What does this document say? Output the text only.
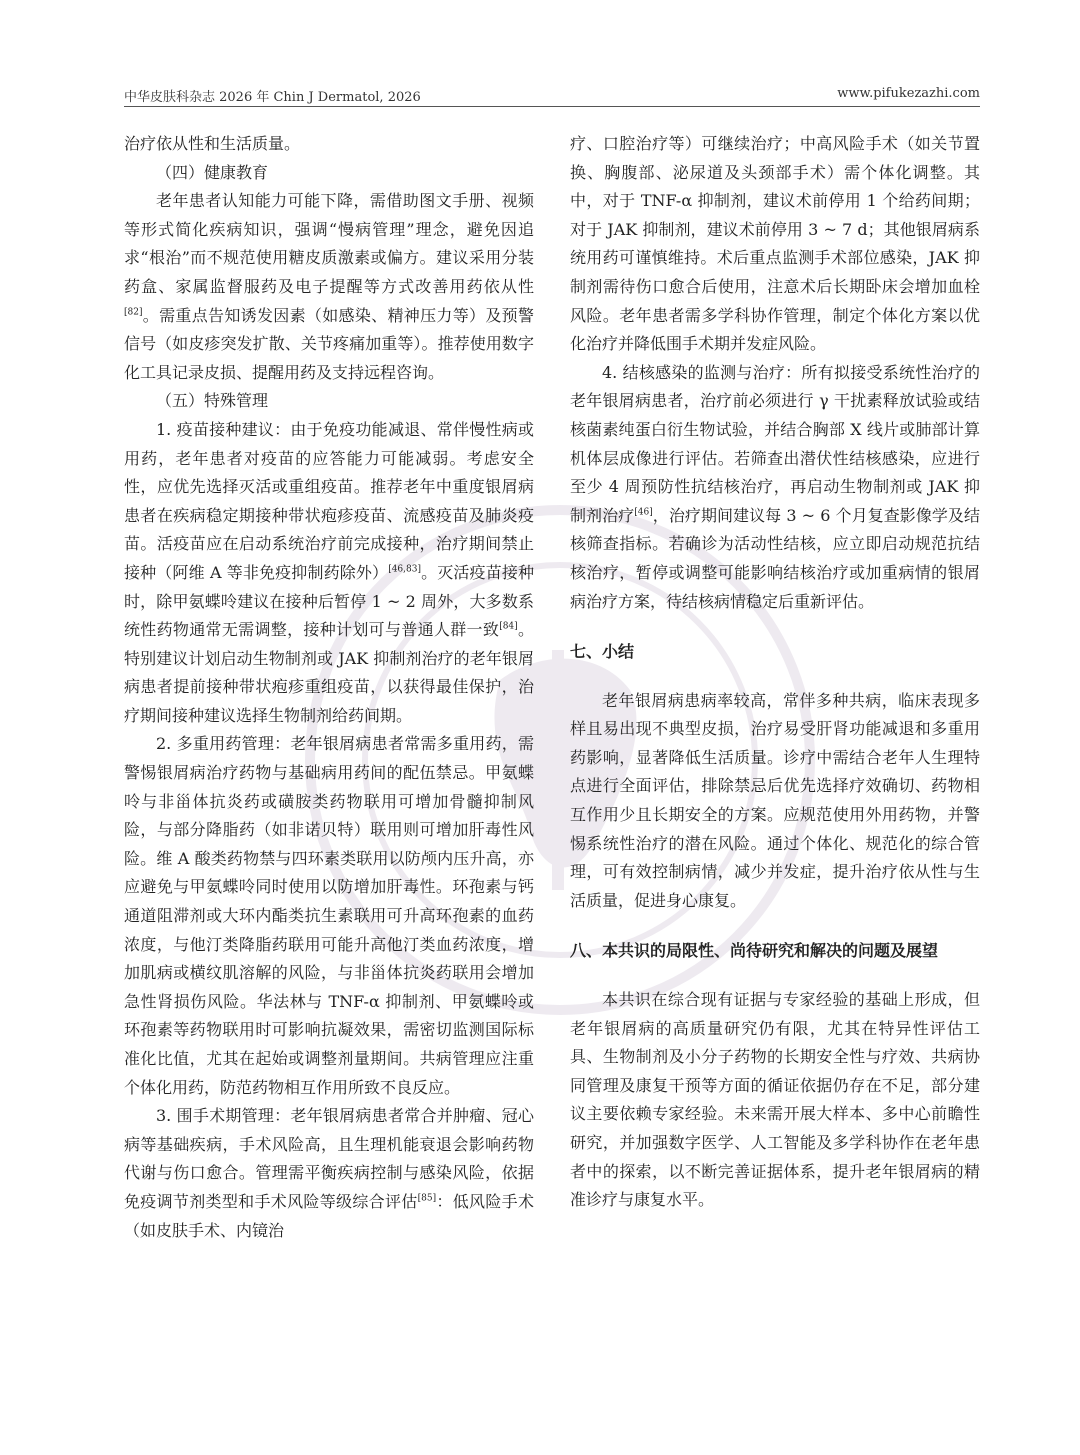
中华皮肤科杂志 2026 年 Chin J Dermatol, 2026	www.pifukezazhi.com

治疗依从性和生活质量。

（四）健康教育

老年患者认知能力可能下降，需借助图文手册、视频等形式简化疾病知识，强调“慢病管理”理念，避免因追求“根治”而不规范使用糖皮质激素或偏方。建议采用分装药盒、家属监督服药及电子提醒等方式改善用药依从性[82]。需重点告知诱发因素（如感染、精神压力等）及预警信号（如皮疹突发扩散、关节疼痛加重等）。推荐使用数字化工具记录皮损、提醒用药及支持远程咨询。

（五）特殊管理

1. 疫苗接种建议：由于免疫功能减退、常伴慢性病或用药，老年患者对疫苗的应答能力可能减弱。考虑安全性，应优先选择灭活或重组疫苗。推荐老年中重度银屑病患者在疾病稳定期接种带状疱疹疫苗、流感疫苗及肺炎疫苗。活疫苗应在启动系统治疗前完成接种，治疗期间禁止接种（阿维 A 等非免疫抑制药除外）[46,83]。灭活疫苗接种时，除甲氨蝶呤建议在接种后暂停 1 ~ 2 周外，大多数系统性药物通常无需调整，接种计划可与普通人群一致[84]。特别建议计划启动生物制剂或 JAK 抑制剂治疗的老年银屑病患者提前接种带状疱疹重组疫苗，以获得最佳保护，治疗期间接种建议选择生物制剂给药间期。

2. 多重用药管理：老年银屑病患者常需多重用药，需警惕银屑病治疗药物与基础病用药间的配伍禁忌。甲氨蝶呤与非甾体抗炎药或磺胺类药物联用可增加骨髓抑制风险，与部分降脂药（如非诺贝特）联用则可增加肝毒性风险。维 A 酸类药物禁与四环素类联用以防颅内压升高，亦应避免与甲氨蝶呤同时使用以防增加肝毒性。环孢素与钙通道阻滞剂或大环内酯类抗生素联用可升高环孢素的血药浓度，与他汀类降脂药联用可能升高他汀类血药浓度，增加肌病或横纹肌溶解的风险，与非甾体抗炎药联用会增加急性肾损伤风险。华法林与 TNF-α 抑制剂、甲氨蝶呤或环孢素等药物联用时可影响抗凝效果，需密切监测国际标准化比值，尤其在起始或调整剂量期间。共病管理应注重个体化用药，防范药物相互作用所致不良反应。

3. 围手术期管理：老年银屑病患者常合并肿瘤、冠心病等基础疾病，手术风险高，且生理机能衰退会影响药物代谢与伤口愈合。管理需平衡疾病控制与感染风险，依据免疫调节剂类型和手术风险等级综合评估[85]：低风险手术（如皮肤手术、内镜治

疗、口腔治疗等）可继续治疗；中高风险手术（如关节置换、胸腹部、泌尿道及头颈部手术）需个体化调整。其中，对于 TNF-α 抑制剂，建议术前停用 1 个给药间期；对于 JAK 抑制剂，建议术前停用 3 ~ 7 d；其他银屑病系统用药可谨慎维持。术后重点监测手术部位感染，JAK 抑制剂需待伤口愈合后使用，注意术后长期卧床会增加血栓风险。老年患者需多学科协作管理，制定个体化方案以优化治疗并降低围手术期并发症风险。

4. 结核感染的监测与治疗：所有拟接受系统性治疗的老年银屑病患者，治疗前必须进行 γ 干扰素释放试验或结核菌素纯蛋白衍生物试验，并结合胸部 X 线片或肺部计算机体层成像进行评估。若筛查出潜伏性结核感染，应进行至少 4 周预防性抗结核治疗，再启动生物制剂或 JAK 抑制剂治疗[46]，治疗期间建议每 3 ~ 6 个月复查影像学及结核筛查指标。若确诊为活动性结核，应立即启动规范抗结核治疗，暂停或调整可能影响结核治疗或加重病情的银屑病治疗方案，待结核病情稳定后重新评估。

七、小结

老年银屑病患病率较高，常伴多种共病，临床表现多样且易出现不典型皮损，治疗易受肝肾功能减退和多重用药影响，显著降低生活质量。诊疗中需结合老年人生理特点进行全面评估，排除禁忌后优先选择疗效确切、药物相互作用少且长期安全的方案。应规范使用外用药物，并警惕系统性治疗的潜在风险。通过个体化、规范化的综合管理，可有效控制病情，减少并发症，提升治疗依从性与生活质量，促进身心康复。

八、本共识的局限性、尚待研究和解决的问题及展望

本共识在综合现有证据与专家经验的基础上形成，但老年银屑病的高质量研究仍有限，尤其在特异性评估工具、生物制剂及小分子药物的长期安全性与疗效、共病协同管理及康复干预等方面的循证依据仍存在不足，部分建议主要依赖专家经验。未来需开展大样本、多中心前瞻性研究，并加强数字医学、人工智能及多学科协作在老年患者中的探索，以不断完善证据体系，提升老年银屑病的精准诊疗与康复水平。
